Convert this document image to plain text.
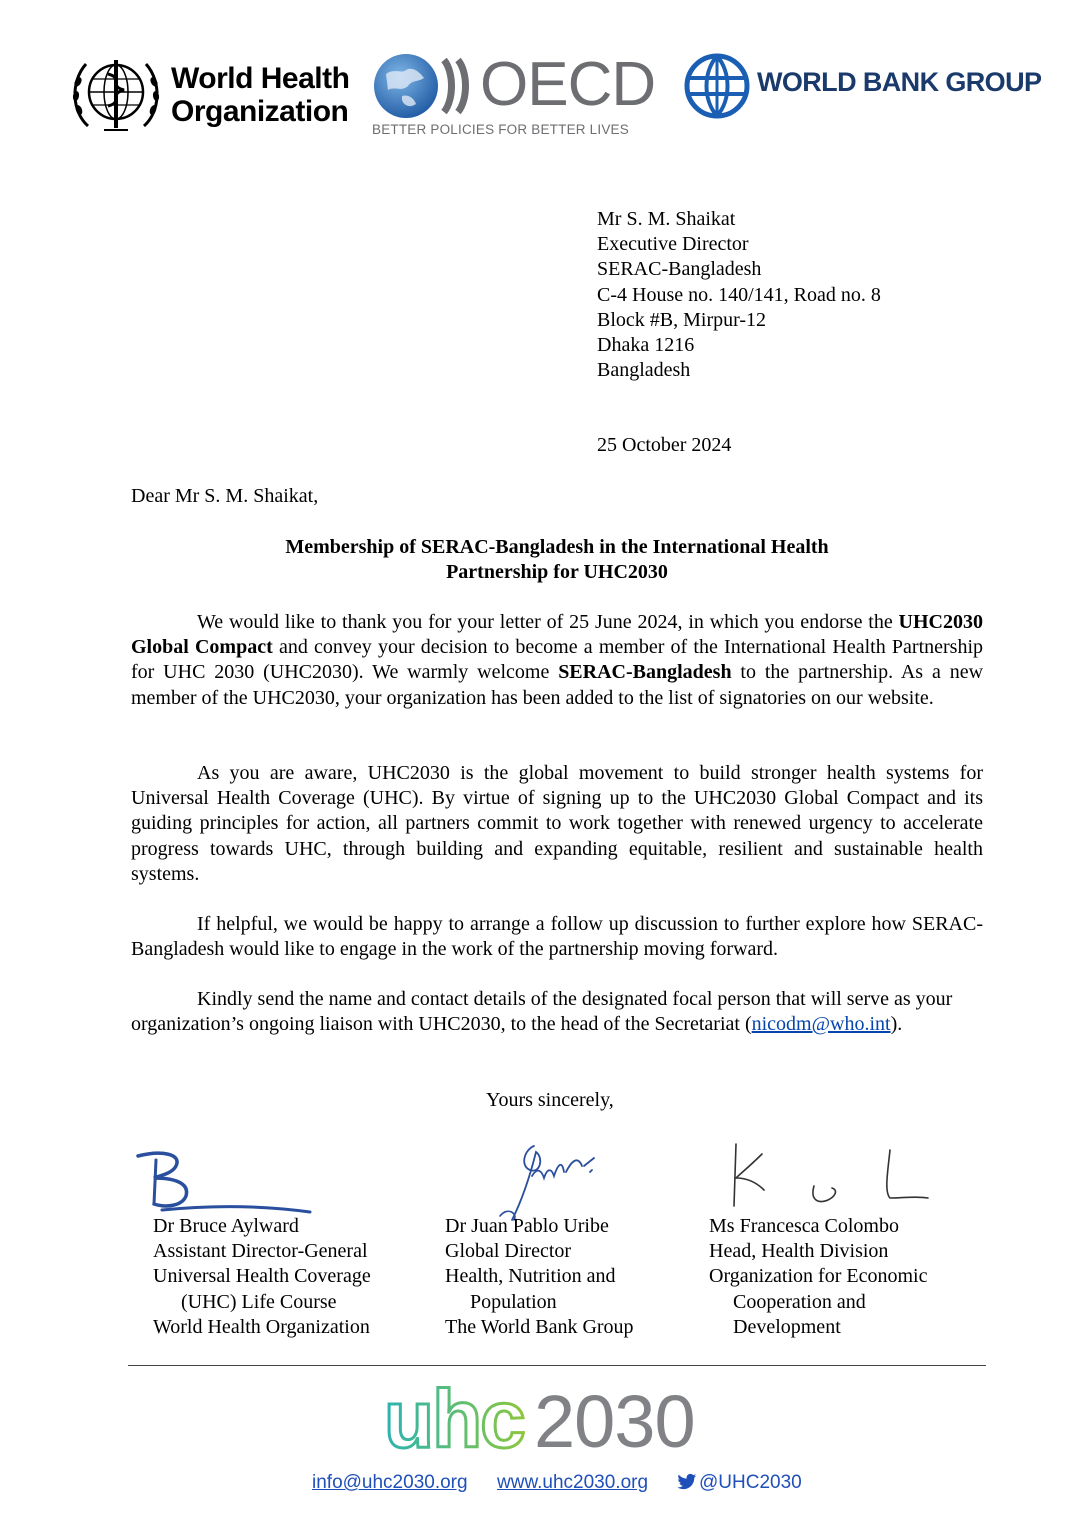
World Health
Organization OECD
BETTER POLICIES FOR BETTER LIVES
WORLD BANK GROUP
Mr S. M. Shaikat
Executive Director
SERAC-Bangladesh
C-4 House no. 140/141, Road no. 8
Block #B, Mirpur-12
Dhaka 1216
Bangladesh
25 October 2024
Dear Mr S. M. Shaikat,
Membership of SERAC-Bangladesh in the International Health
Partnership for UHC2030
We would like to thank you for your letter of 25 June 2024, in which you endorse the UHC2030 Global Compact and convey your decision to become a member of the International Health Partnership for UHC 2030 (UHC2030). We warmly welcome SERAC-Bangladesh to the partnership. As a new member of the UHC2030, your organization has been added to the list of signatories on our website.
As you are aware, UHC2030 is the global movement to build stronger health systems for Universal Health Coverage (UHC). By virtue of signing up to the UHC2030 Global Compact and its guiding principles for action, all partners commit to work together with renewed urgency to accelerate progress towards UHC, through building and expanding equitable, resilient and sustainable health systems.
If helpful, we would be happy to arrange a follow up discussion to further explore how SERAC-Bangladesh would like to engage in the work of the partnership moving forward.
Kindly send the name and contact details of the designated focal person that will serve as your organization’s ongoing liaison with UHC2030, to the head of the Secretariat (nicodm@who.int).
Yours sincerely,
Dr Bruce Aylward
Assistant Director-General
Universal Health Coverage
(UHC) Life Course
World Health Organization
Dr Juan Pablo Uribe
Global Director
Health, Nutrition and
Population
The World Bank Group
Ms Francesca Colombo
Head, Health Division
Organization for Economic
Cooperation and
Development
uhc 2030
info@uhc2030.org www.uhc2030.org	@UHC2030
